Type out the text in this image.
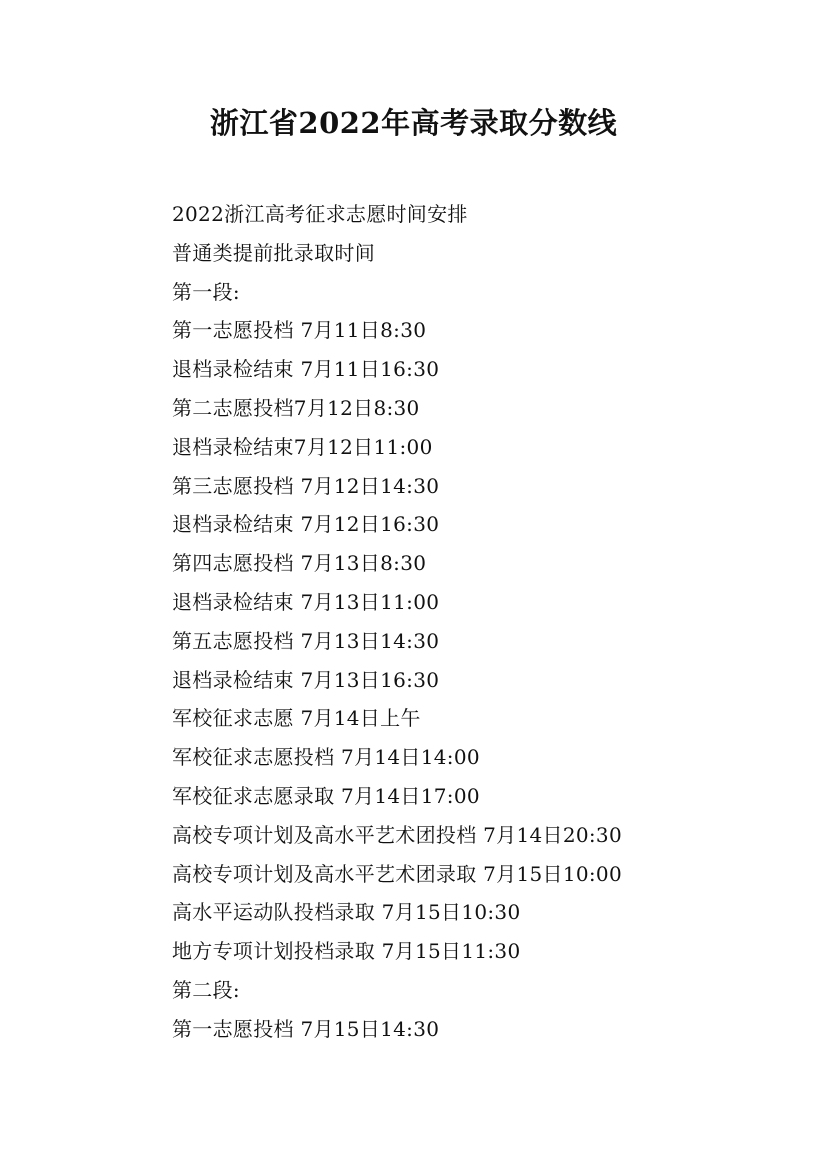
浙江省2022年高考录取分数线
2022浙江高考征求志愿时间安排
普通类提前批录取时间
第一段:
第一志愿投档 7月11日8:30
退档录检结束 7月11日16:30
第二志愿投档7月12日8:30
退档录检结束7月12日11:00
第三志愿投档 7月12日14:30
退档录检结束 7月12日16:30
第四志愿投档 7月13日8:30
退档录检结束 7月13日11:00
第五志愿投档 7月13日14:30
退档录检结束 7月13日16:30
军校征求志愿 7月14日上午
军校征求志愿投档 7月14日14:00
军校征求志愿录取 7月14日17:00
高校专项计划及高水平艺术团投档 7月14日20:30
高校专项计划及高水平艺术团录取 7月15日10:00
高水平运动队投档录取 7月15日10:30
地方专项计划投档录取 7月15日11:30
第二段:
第一志愿投档 7月15日14:30
